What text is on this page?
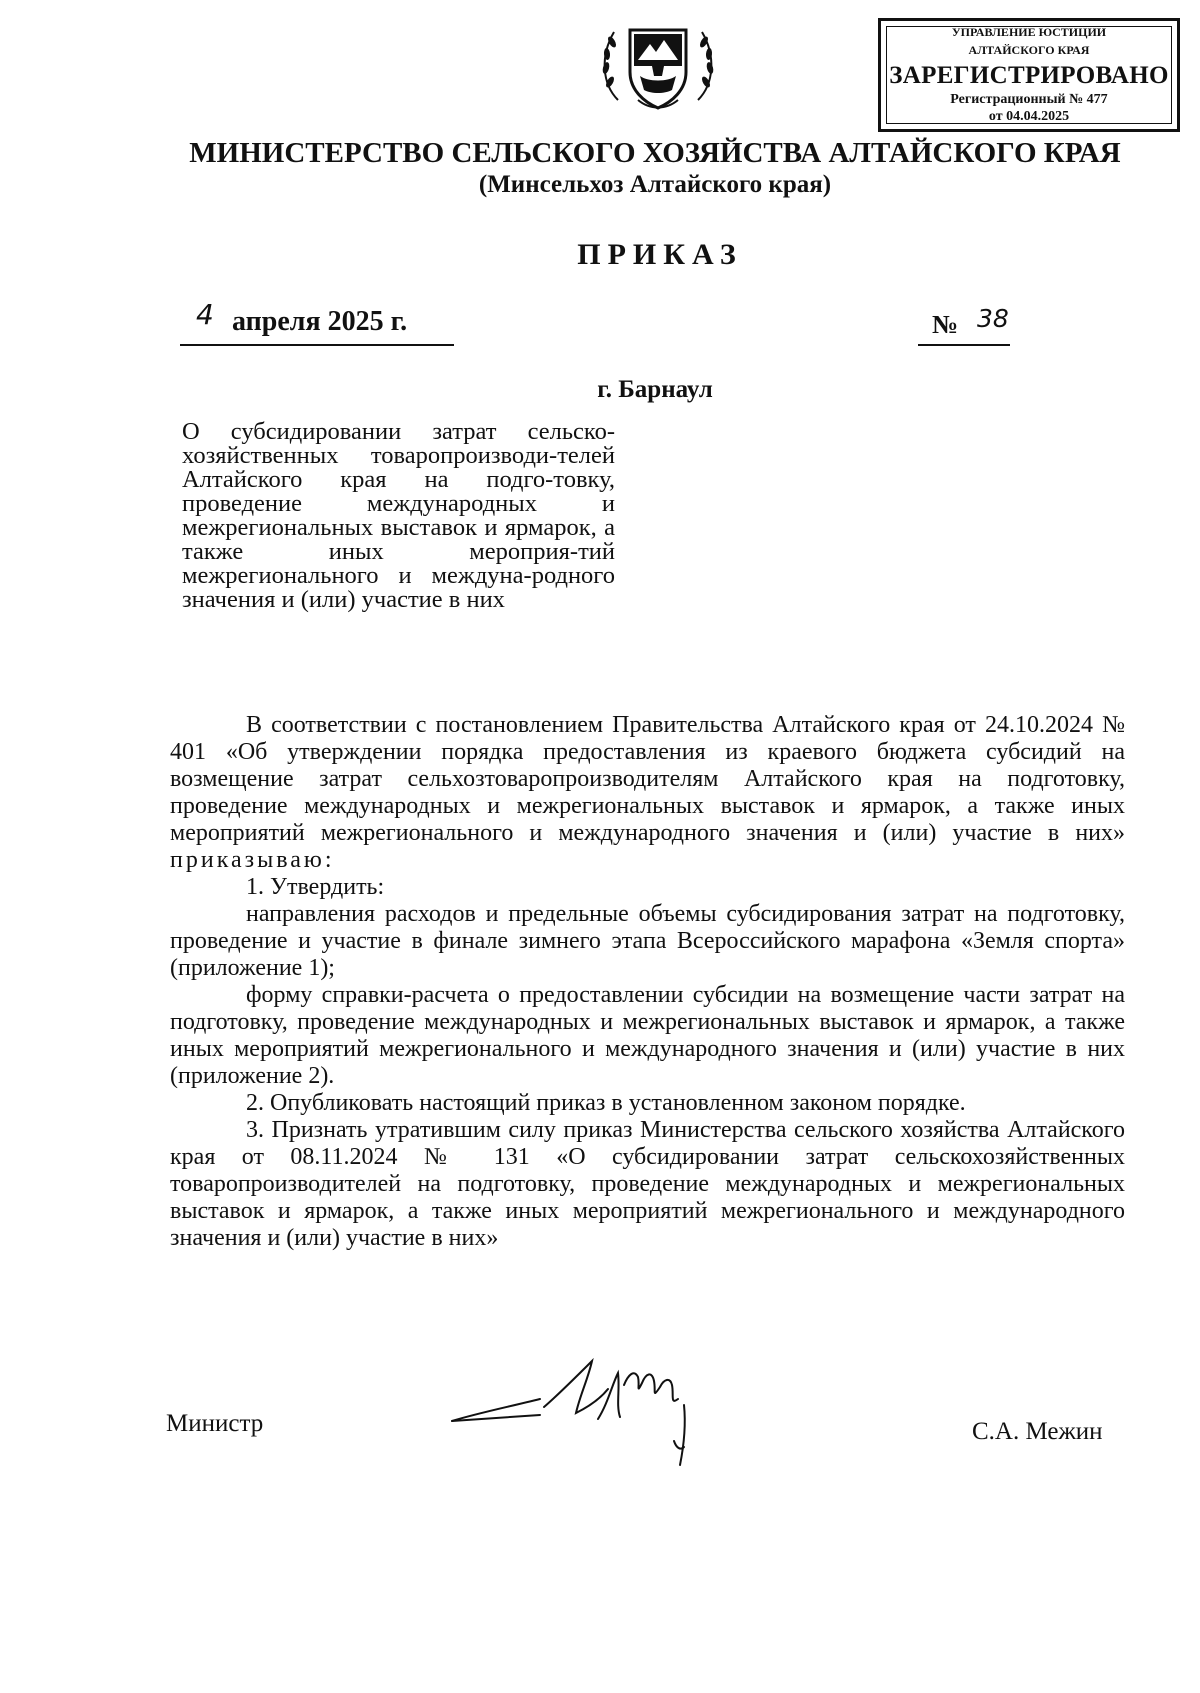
УПРАВЛЕНИЕ ЮСТИЦИИ
АЛТАЙСКОГО КРАЯ
ЗАРЕГИСТРИРОВАНО
Регистрационный № 477
от 04.04.2025
МИНИСТЕРСТВО СЕЛЬСКОГО ХОЗЯЙСТВА АЛТАЙСКОГО КРАЯ
(Минсельхоз Алтайского края)
ПРИКАЗ
4 апреля 2025 г.	№ 38
г. Барнаул
О субсидировании затрат сельско-хозяйственных товаропроизводи-телей Алтайского края на подго-товку, проведение международных и межрегиональных выставок и ярмарок, а также иных мероприя-тий межрегионального и междуна-родного значения и (или) участие в них

В соответствии с постановлением Правительства Алтайского края от 24.10.2024 № 401 «Об утверждении порядка предоставления из краевого бюджета субсидий на возмещение затрат сельхозтоваропроизводителям Алтайского края на подготовку, проведение международных и межрегиональных выставок и ярмарок, а также иных мероприятий межрегионального и международного значения и (или) участие в них» приказываю:

1. Утвердить:

направления расходов и предельные объемы субсидирования затрат на подготовку, проведение и участие в финале зимнего этапа Всероссийского марафона «Земля спорта» (приложение 1);

форму справки-расчета о предоставлении субсидии на возмещение части затрат на подготовку, проведение международных и межрегиональных выставок и ярмарок, а также иных мероприятий межрегионального и международного значения и (или) участие в них (приложение 2).

2. Опубликовать настоящий приказ в установленном законом порядке.

3. Признать утратившим силу приказ Министерства сельского хозяйства Алтайского края от 08.11.2024 № 131 «О субсидировании затрат сельскохозяйственных товаропроизводителей на подготовку, проведение международных и межрегиональных выставок и ярмарок, а также иных мероприятий межрегионального и международного значения и (или) участие в них»

Министр	С.А. Межин
